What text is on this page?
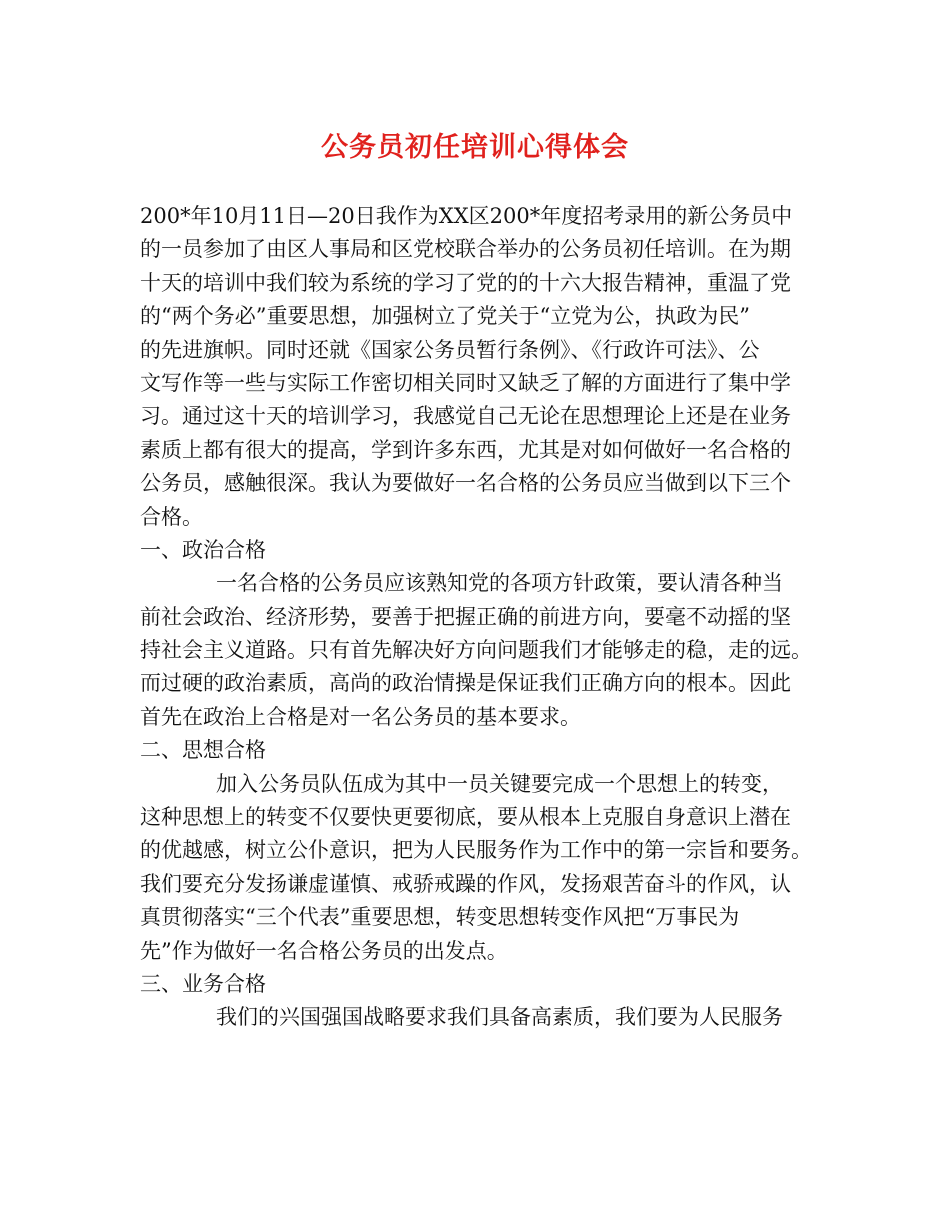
公务员初任培训心得体会
200*年10月11日—20日我作为XX区200*年度招考录用的新公务员中
的一员参加了由区人事局和区党校联合举办的公务员初任培训。在为期
十天的培训中我们较为系统的学习了党的的十六大报告精神，重温了党
的“两个务必”重要思想，加强树立了党关于“立党为公，执政为民”
的先进旗帜。同时还就《国家公务员暂行条例》、《行政许可法》、公
文写作等一些与实际工作密切相关同时又缺乏了解的方面进行了集中学
习。通过这十天的培训学习，我感觉自己无论在思想理论上还是在业务
素质上都有很大的提高，学到许多东西，尤其是对如何做好一名合格的
公务员，感触很深。我认为要做好一名合格的公务员应当做到以下三个
合格。
一、政治合格
一名合格的公务员应该熟知党的各项方针政策，要认清各种当
前社会政治、经济形势，要善于把握正确的前进方向，要毫不动摇的坚
持社会主义道路。只有首先解决好方向问题我们才能够走的稳，走的远。
而过硬的政治素质，高尚的政治情操是保证我们正确方向的根本。因此
首先在政治上合格是对一名公务员的基本要求。
二、思想合格
加入公务员队伍成为其中一员关键要完成一个思想上的转变，
这种思想上的转变不仅要快更要彻底，要从根本上克服自身意识上潜在
的优越感，树立公仆意识，把为人民服务作为工作中的第一宗旨和要务。
我们要充分发扬谦虚谨慎、戒骄戒躁的作风，发扬艰苦奋斗的作风，认
真贯彻落实“三个代表”重要思想，转变思想转变作风把“万事民为
先”作为做好一名合格公务员的出发点。
三、业务合格
我们的兴国强国战略要求我们具备高素质，我们要为人民服务
